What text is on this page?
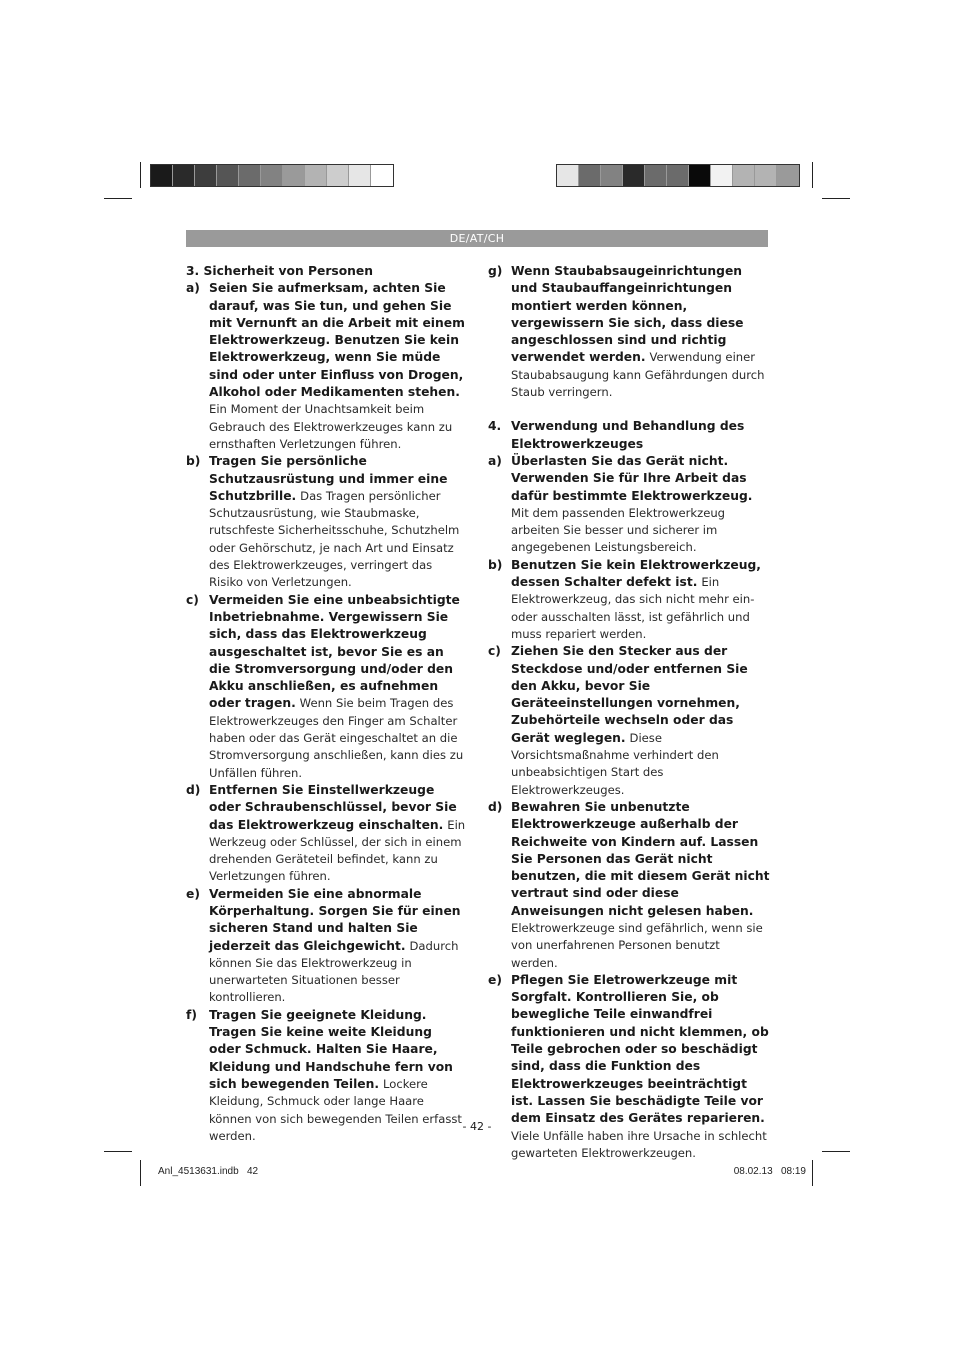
DE/AT/CH
3. Sicherheit von Personen
a) Seien Sie aufmerksam, achten Sie darauf, was Sie tun, und gehen Sie mit Vernunft an die Arbeit mit einem Elektrowerkzeug. Benutzen Sie kein Elektrowerkzeug, wenn Sie müde sind oder unter Einfluss von Drogen, Alkohol oder Medikamenten stehen. Ein Moment der Unachtsamkeit beim Gebrauch des Elektrowerkzeuges kann zu ernsthaften Verletzungen führen.
b) Tragen Sie persönliche Schutzausrüstung und immer eine Schutzbrille. Das Tragen persönlicher Schutzausrüstung, wie Staubmaske, rutschfeste Sicherheitsschuhe, Schutzhelm oder Gehörschutz, je nach Art und Einsatz des Elektrowerkzeuges, verringert das Risiko von Verletzungen.
c) Vermeiden Sie eine unbeabsichtigte Inbetriebnahme. Vergewissern Sie sich, dass das Elektrowerkzeug ausgeschaltet ist, bevor Sie es an die Stromversorgung und/oder den Akku anschließen, es aufnehmen oder tragen. Wenn Sie beim Tragen des Elektrowerkzeuges den Finger am Schalter haben oder das Gerät eingeschaltet an die Stromversorgung anschließen, kann dies zu Unfällen führen.
d) Entfernen Sie Einstellwerkzeuge oder Schraubenschlüssel, bevor Sie das Elektrowerkzeug einschalten. Ein Werkzeug oder Schlüssel, der sich in einem drehenden Geräteteil befindet, kann zu Verletzungen führen.
e) Vermeiden Sie eine abnormale Körperhaltung. Sorgen Sie für einen sicheren Stand und halten Sie jederzeit das Gleichgewicht. Dadurch können Sie das Elektrowerkzeug in unerwarteten Situationen besser kontrollieren.
f) Tragen Sie geeignete Kleidung. Tragen Sie keine weite Kleidung oder Schmuck. Halten Sie Haare, Kleidung und Handschuhe fern von sich bewegenden Teilen. Lockere Kleidung, Schmuck oder lange Haare können von sich bewegenden Teilen erfasst werden.
g) Wenn Staubabsaugeinrichtungen und Staubauffangeinrichtungen montiert werden können, vergewissern Sie sich, dass diese angeschlossen sind und richtig verwendet werden. Verwendung einer Staubabsaugung kann Gefährdungen durch Staub verringern.
4. Verwendung und Behandlung des Elektrowerkzeuges
a) Überlasten Sie das Gerät nicht. Verwenden Sie für Ihre Arbeit das dafür bestimmte Elektrowerkzeug. Mit dem passenden Elektrowerkzeug arbeiten Sie besser und sicherer im angegebenen Leistungsbereich.
b) Benutzen Sie kein Elektrowerkzeug, dessen Schalter defekt ist. Ein Elektrowerkzeug, das sich nicht mehr ein- oder ausschalten lässt, ist gefährlich und muss repariert werden.
c) Ziehen Sie den Stecker aus der Steckdose und/oder entfernen Sie den Akku, bevor Sie Geräteeinstellungen vornehmen, Zubehörteile wechseln oder das Gerät weglegen. Diese Vorsichtsmaßnahme verhindert den unbeabsichtigen Start des Elektrowerkzeuges.
d) Bewahren Sie unbenutzte Elektrowerkzeuge außerhalb der Reichweite von Kindern auf. Lassen Sie Personen das Gerät nicht benutzen, die mit diesem Gerät nicht vertraut sind oder diese Anweisungen nicht gelesen haben. Elektrowerkzeuge sind gefährlich, wenn sie von unerfahrenen Personen benutzt werden.
e) Pflegen Sie Eletrowerkzeuge mit Sorgfalt. Kontrollieren Sie, ob bewegliche Teile einwandfrei funktionieren und nicht klemmen, ob Teile gebrochen oder so beschädigt sind, dass die Funktion des Elektrowerkzeuges beeinträchtigt ist. Lassen Sie beschädigte Teile vor dem Einsatz des Gerätes reparieren. Viele Unfälle haben ihre Ursache in schlecht gewarteten Elektrowerkzeugen.
- 42 -
Anl_4513631.indb   42	08.02.13   08:19
